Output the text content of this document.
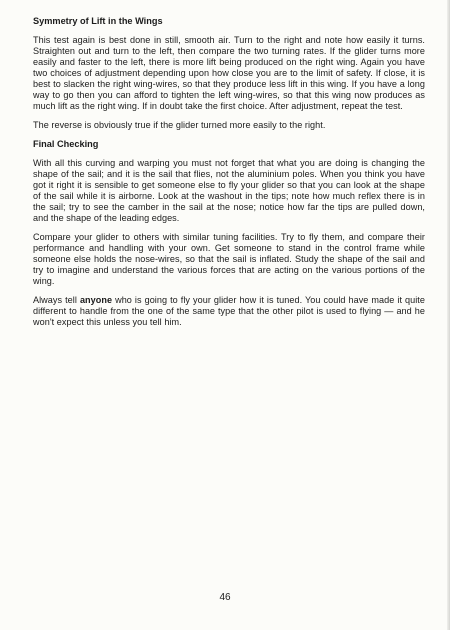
Symmetry of Lift in the Wings

This test again is best done in still, smooth air. Turn to the right and note how easily it turns. Straighten out and turn to the left, then compare the two turning rates. If the glider turns more easily and faster to the left, there is more lift being produced on the right wing. Again you have two choices of adjustment depending upon how close you are to the limit of safety. If close, it is best to slacken the right wing-wires, so that they produce less lift in this wing. If you have a long way to go then you can afford to tighten the left wing-wires, so that this wing now produces as much lift as the right wing. If in doubt take the first choice. After adjustment, repeat the test.

The reverse is obviously true if the glider turned more easily to the right.

Final Checking

With all this curving and warping you must not forget that what you are doing is changing the shape of the sail; and it is the sail that flies, not the aluminium poles. When you think you have got it right it is sensible to get someone else to fly your glider so that you can look at the shape of the sail while it is airborne. Look at the washout in the tips; note how much reflex there is in the sail; try to see the camber in the sail at the nose; notice how far the tips are pulled down, and the shape of the leading edges.

Compare your glider to others with similar tuning facilities. Try to fly them, and compare their performance and handling with your own. Get someone to stand in the control frame while someone else holds the nose-wires, so that the sail is inflated. Study the shape of the sail and try to imagine and understand the various forces that are acting on the various portions of the wing.

Always tell anyone who is going to fly your glider how it is tuned. You could have made it quite different to handle from the one of the same type that the other pilot is used to flying — and he won't expect this unless you tell him.

46
